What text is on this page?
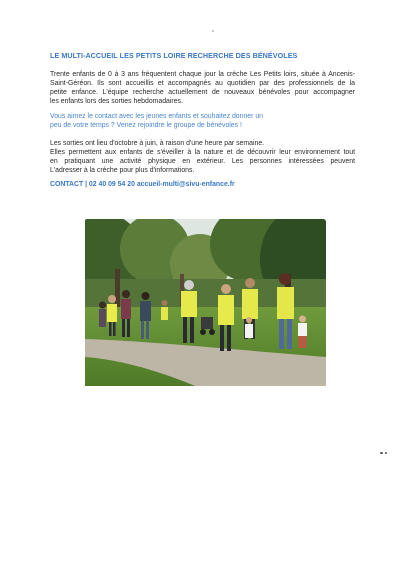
LE MULTI-ACCUEIL LES PETITS LOIRE RECHERCHE DES BÉNÉVOLES
Trente enfants de 0 à 3 ans fréquentent chaque jour la crèche Les Petits loirs, située à Ancenis-
Saint-Géréon. Ils sont accueillis et accompagnés au quotidien par des professionnels de la
petite enfance. L'équipe recherche actuellement de nouveaux bénévoles pour accompagner
les enfants lors des sorties hebdomadaires.
Vous aimez le contact avec les jeunes enfants et souhaitez donner un
peu de votre temps ? Venez rejoindre le groupe de bénévoles !
Les sorties ont lieu d'octobre à juin, à raison d'une heure par semaine.
Elles permettent aux enfants de s'éveiller à la nature et de découvrir leur environnement tout
en pratiquant une activité physique en extérieur. Les personnes intéressées peuvent
L'adresser à la crèche pour plus d'informations.
CONTACT | 02 40 09 54 20 accueil-multi@sivu-enfance.fr
